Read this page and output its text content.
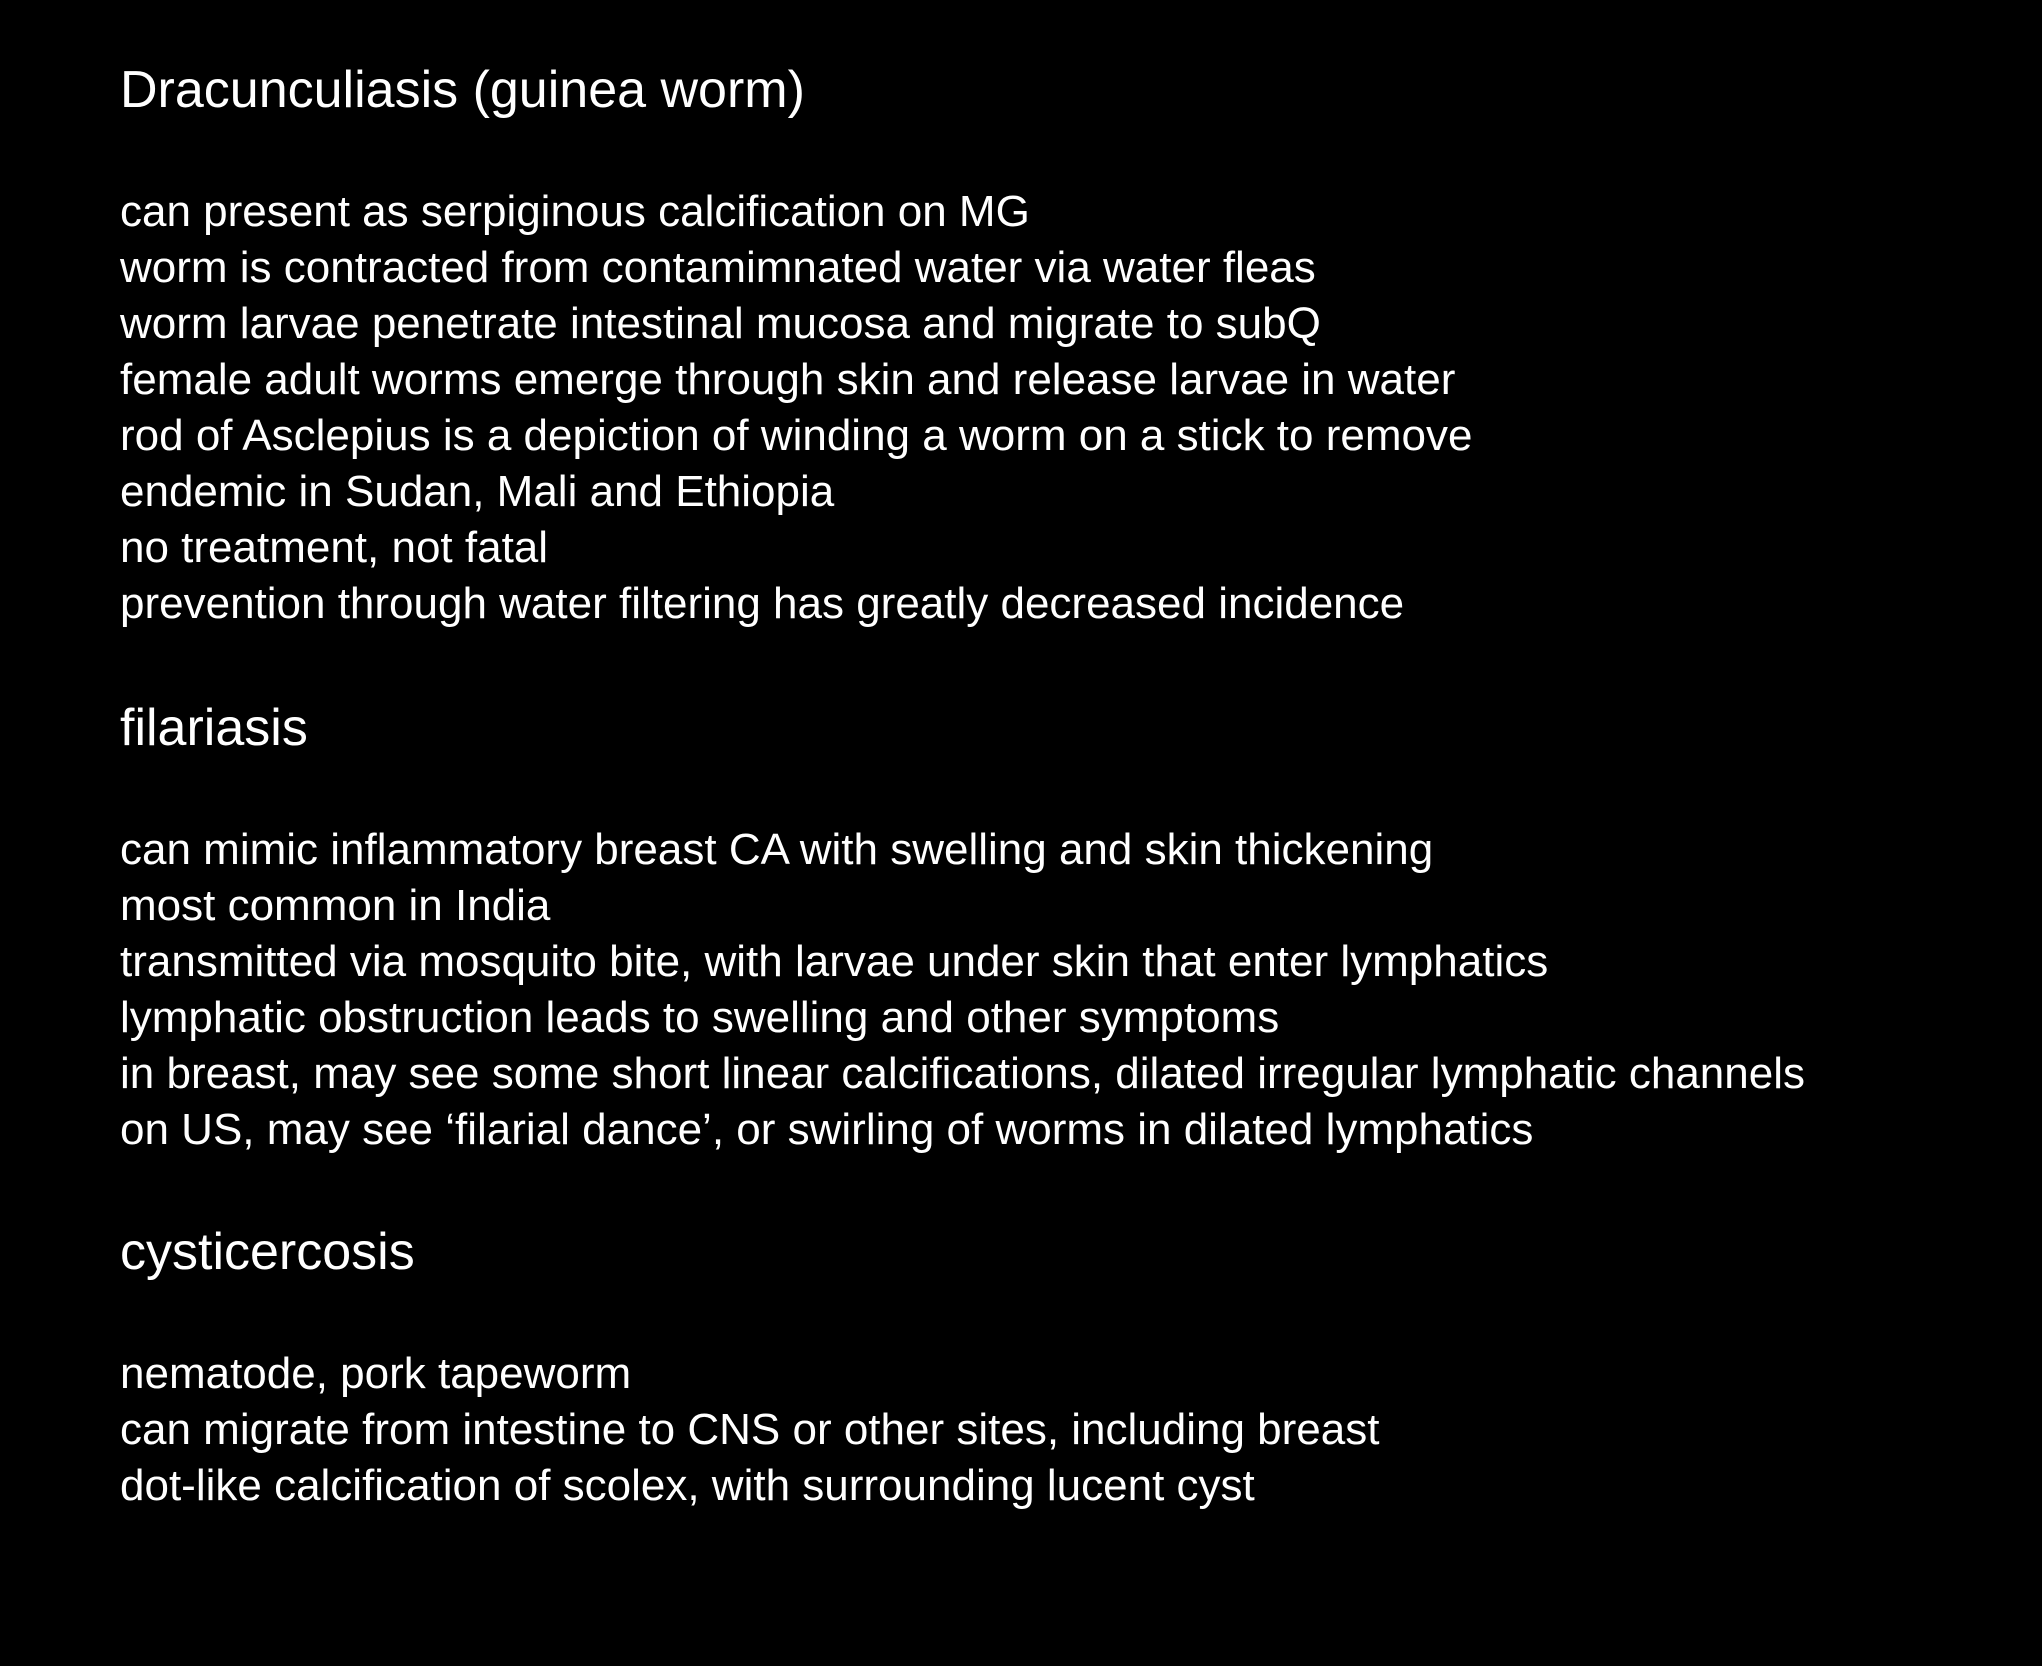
Dracunculiasis (guinea worm)
can present as serpiginous calcification on MG
worm is contracted from contamimnated water via water fleas
worm larvae penetrate intestinal mucosa and migrate to subQ
female adult worms emerge through skin and release larvae in water
rod of Asclepius is a depiction of winding a worm on a stick to remove
endemic in Sudan, Mali and Ethiopia
no treatment, not fatal
prevention through water filtering has greatly decreased incidence
filariasis
can mimic inflammatory breast CA with swelling and skin thickening
most common in India
transmitted via mosquito bite, with larvae under skin that enter lymphatics
lymphatic obstruction leads to swelling and other symptoms
in breast, may see some short linear calcifications, dilated irregular lymphatic channels
on US, may see ‘filarial dance’, or swirling of worms in dilated lymphatics
cysticercosis
nematode, pork tapeworm
can migrate from intestine to CNS or other sites, including breast
dot-like calcification of scolex, with surrounding lucent cyst
